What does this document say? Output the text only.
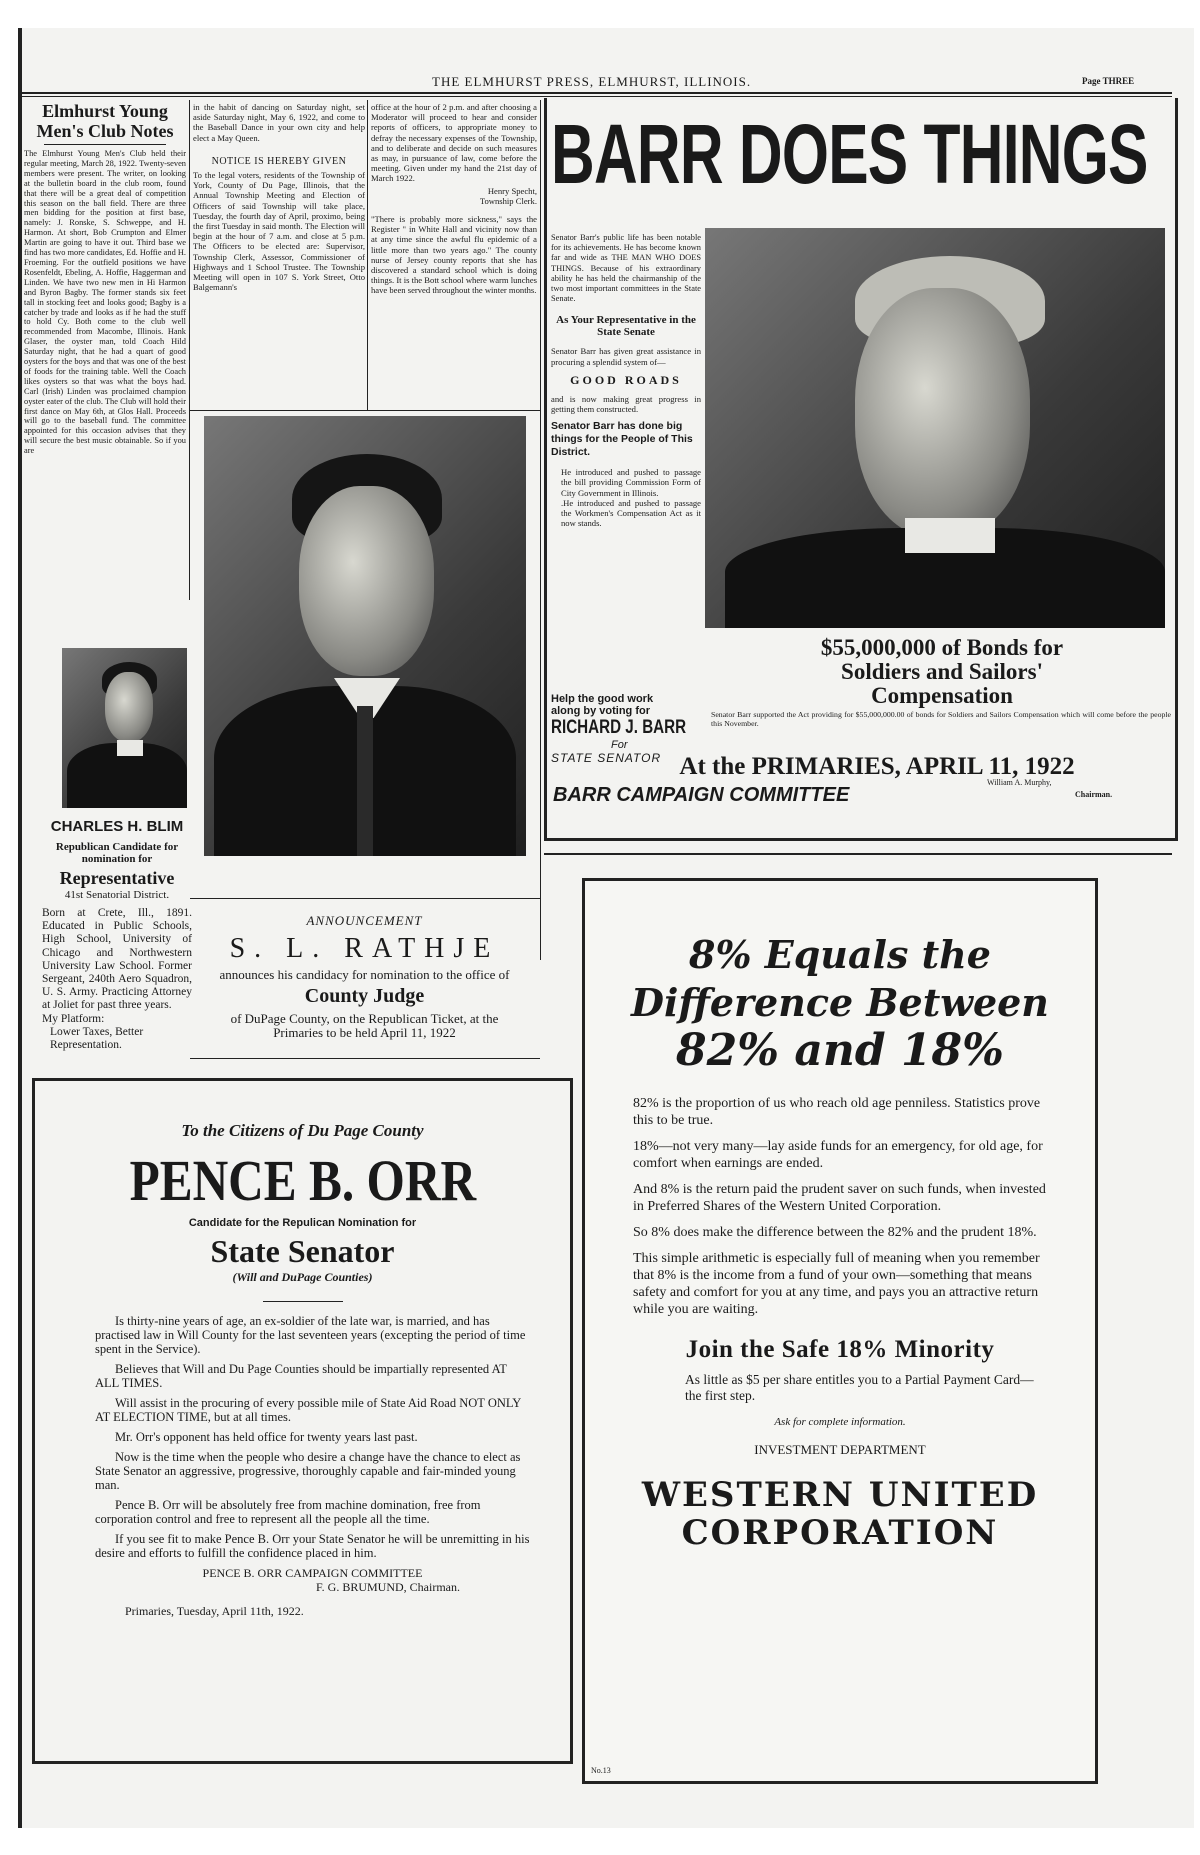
THE ELMHURST PRESS, ELMHURST, ILLINOIS.	Page THREE
Elmhurst Young
Men's Club Notes
The Elmhurst Young Men's Club held their regular meeting, March 28, 1922. Twenty-seven members were present. The writer, on looking at the bulletin board in the club room, found that there will be a great deal of competition this season on the ball field. There are three men bidding for the position at first base, namely: J. Ronske, S. Schweppe, and H. Harmon. At short, Bob Crumpton and Elmer Martin are going to have it out. Third base we find has two more candidates, Ed. Hoffie and H. Froeming. For the outfield positions we have Rosenfeldt, Ebeling, A. Hoffie, Haggerman and Linden. We have two new men in Hi Harmon and Byron Bagby. The former stands six feet tall in stocking feet and looks good; Bagby is a catcher by trade and looks as if he had the stuff to hold Cy. Both come to the club well recommended from Macombe, Illinois. Hank Glaser, the oyster man, told Coach Hild Saturday night, that he had a quart of good oysters for the boys and that was one of the best of foods for the training table. Well the Coach likes oysters so that was what the boys had. Carl (Irish) Linden was proclaimed champion oyster eater of the club. The Club will hold their first dance on May 6th, at Glos Hall. Proceeds will go to the baseball fund. The committee appointed for this occasion advises that they will secure the best music obtainable. So if you are
in the habit of dancing on Saturday night, set aside Saturday night, May 6, 1922, and come to the Baseball Dance in your own city and help elect a May Queen.
NOTICE IS HEREBY GIVEN
To the legal voters, residents of the Township of York, County of Du Page, Illinois, that the Annual Township Meeting and Election of Officers of said Township will take place, Tuesday, the fourth day of April, proximo, being the first Tuesday in said month. The Election will begin at the hour of 7 a.m. and close at 5 p.m. The Officers to be elected are: Supervisor, Township Clerk, Assessor, Commissioner of Highways and 1 School Trustee. The Township Meeting will open in 107 S. York Street, Otto Balgemann's
office at the hour of 2 p.m. and after choosing a Moderator will proceed to hear and consider reports of officers, to appropriate money to defray the necessary expenses of the Township, and to deliberate and decide on such measures as may, in pursuance of law, come before the meeting. Given under my hand the 21st day of March 1922.
Henry Specht,
Township Clerk.
"There is probably more sickness," says the Register " in White Hall and vicinity now than at any time since the awful flu epidemic of a little more than two years ago." The county nurse of Jersey county reports that she has discovered a standard school which is doing things. It is the Bott school where warm lunches have been served throughout the winter months.
ANNOUNCEMENT
S. L. RATHJE
announces his candidacy for nomination to the office of
County Judge
of DuPage County, on the Republican Ticket, at the Primaries to be held April 11, 1922
CHARLES H. BLIM
Republican Candidate for
nomination for
Representative
41st Senatorial District.
Born at Crete, Ill., 1891. Educated in Public Schools, High School, University of Chicago and Northwestern University Law School. Former Sergeant, 240th Aero Squadron, U. S. Army. Practicing Attorney at Joliet for past three years.
My Platform:
Lower Taxes, Better Representation.
BARR DOES THINGS
Senator Barr's public life has been notable for its achievements. He has become known far and wide as THE MAN WHO DOES THINGS. Because of his extraordinary ability he has held the chairmanship of the two most important committees in the State Senate.
As Your Representative in the State Senate
Senator Barr has given great assistance in procuring a splendid system of—
GOOD ROADS
and is now making great progress in getting them constructed.
Senator Barr has done big things for the People of This District.
He introduced and pushed to passage the bill providing Commission Form of City Government in Illinois.
.He introduced and pushed to passage the Workmen's Compensation Act as it now stands.
$55,000,000 of Bonds for
Soldiers and Sailors'
Compensation
Senator Barr supported the Act providing for $55,000,000.00 of bonds for Soldiers and Sailors Compensation which will come before the people this November.
Help the good work
along by voting for
RICHARD J. BARR
For
STATE SENATOR At the PRIMARIES, APRIL 11, 1922
BARR CAMPAIGN COMMITTEE
William A. Murphy,
Chairman.
8% Equals the
Difference Between
82% and 18%
82% is the proportion of us who reach old age penniless. Statistics prove this to be true.
18%—not very many—lay aside funds for an emergency, for old age, for comfort when earnings are ended.
And 8% is the return paid the prudent saver on such funds, when invested in Preferred Shares of the Western United Corporation.
So 8% does make the difference between the 82% and the prudent 18%.
This simple arithmetic is especially full of meaning when you remember that 8% is the income from a fund of your own—something that means safety and comfort for you at any time, and pays you an attractive return while you are waiting.
Join the Safe 18% Minority
As little as $5 per share entitles you to a Partial Payment Card—the first step.
Ask for complete information.
INVESTMENT DEPARTMENT
WESTERN UNITED
CORPORATION
No.13
To the Citizens of Du Page County
PENCE B. ORR
Candidate for the Repulican Nomination for
State Senator
(Will and DuPage Counties)
Is thirty-nine years of age, an ex-soldier of the late war, is married, and has practised law in Will County for the last seventeen years (excepting the period of time spent in the Service).
Believes that Will and Du Page Counties should be impartially represented AT ALL TIMES.
Will assist in the procuring of every possible mile of State Aid Road NOT ONLY AT ELECTION TIME, but at all times.
Mr. Orr's opponent has held office for twenty years last past.
Now is the time when the people who desire a change have the chance to elect as State Senator an aggressive, progressive, thoroughly capable and fair-minded young man.
Pence B. Orr will be absolutely free from machine domination, free from corporation control and free to represent all the people all the time.
If you see fit to make Pence B. Orr your State Senator he will be unremitting in his desire and efforts to fulfill the confidence placed in him.
PENCE B. ORR CAMPAIGN COMMITTEE
F. G. BRUMUND, Chairman.
Primaries, Tuesday, April 11th, 1922.
